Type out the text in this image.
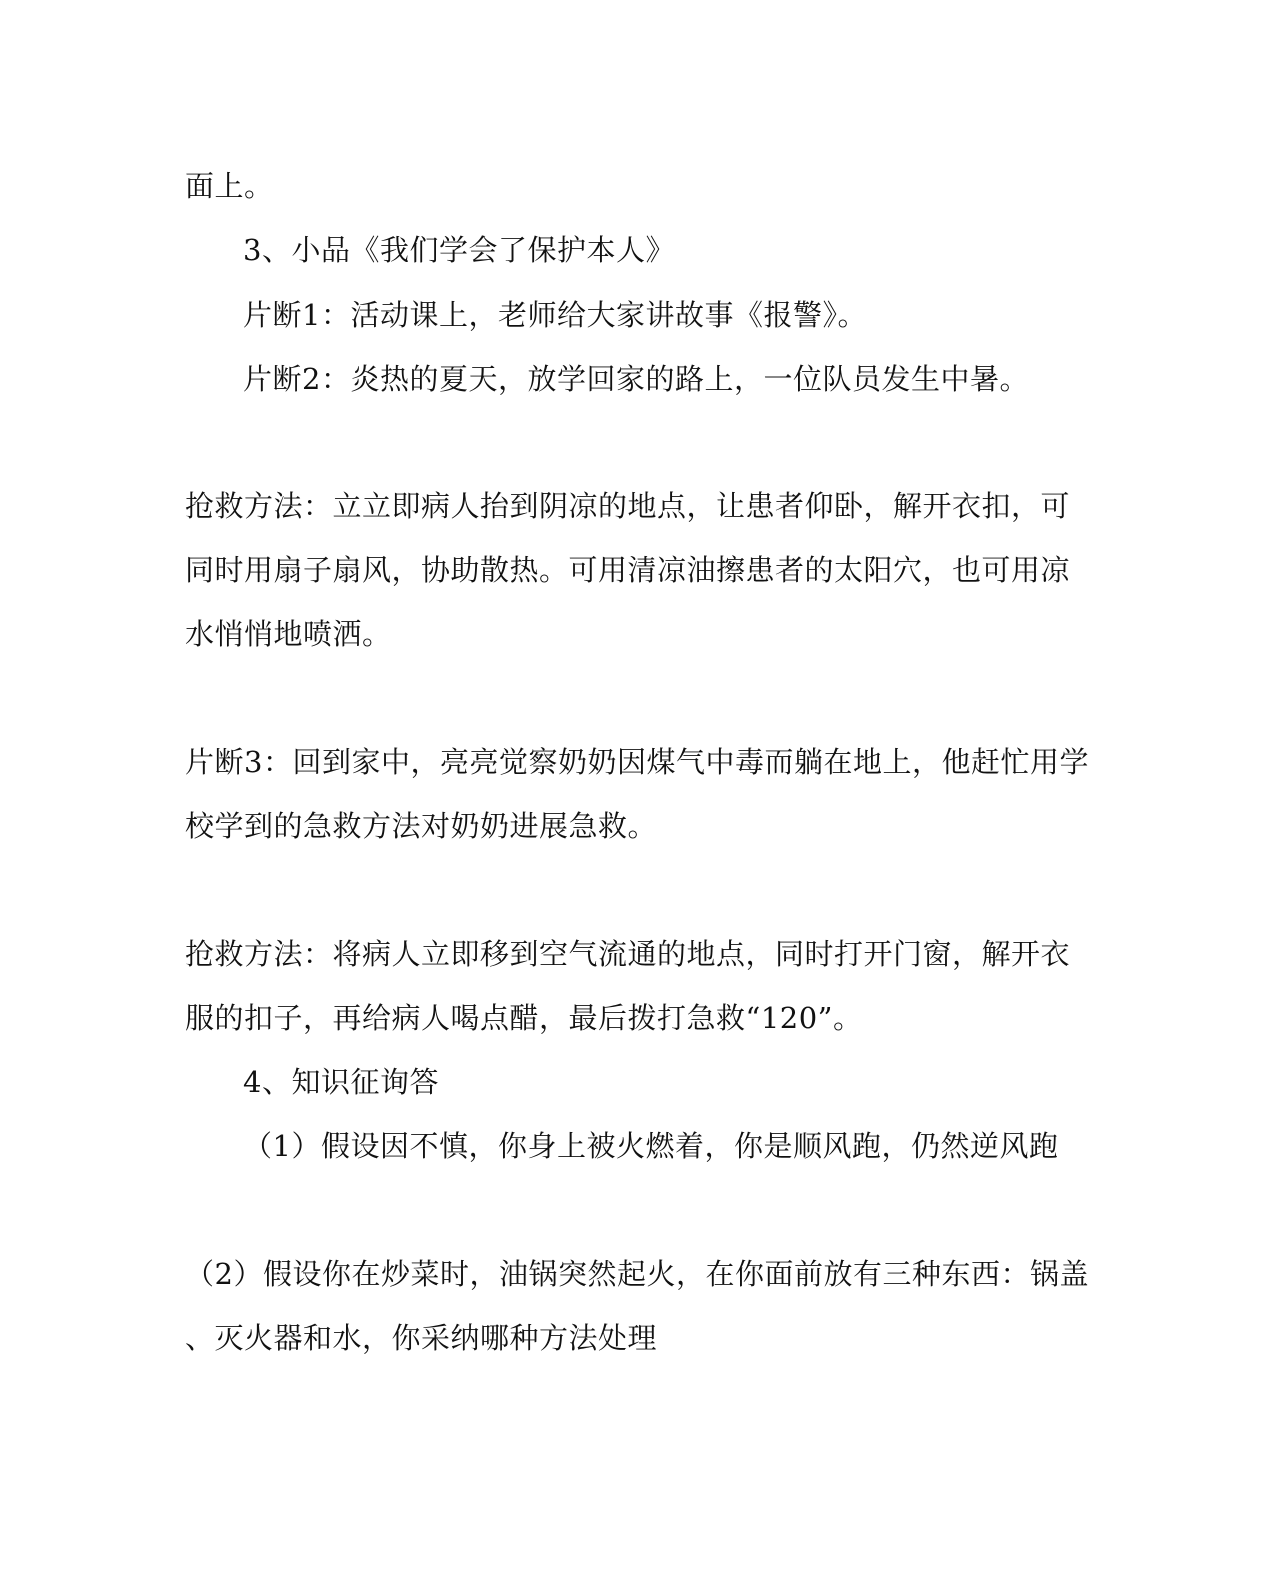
面上。
3、小品《我们学会了保护本人》
片断1：活动课上，老师给大家讲故事《报警》。
片断2：炎热的夏天，放学回家的路上，一位队员发生中暑。
抢救方法：立立即病人抬到阴凉的地点，让患者仰卧，解开衣扣，可
同时用扇子扇风，协助散热。可用清凉油擦患者的太阳穴，也可用凉
水悄悄地喷洒。
片断3：回到家中，亮亮觉察奶奶因煤气中毒而躺在地上，他赶忙用学
校学到的急救方法对奶奶进展急救。
抢救方法：将病人立即移到空气流通的地点，同时打开门窗，解开衣
服的扣子，再给病人喝点醋，最后拨打急救“120”。
4、知识征询答
（1）假设因不慎，你身上被火燃着，你是顺风跑，仍然逆风跑
（2）假设你在炒菜时，油锅突然起火，在你面前放有三种东西：锅盖
、灭火器和水，你采纳哪种方法处理
